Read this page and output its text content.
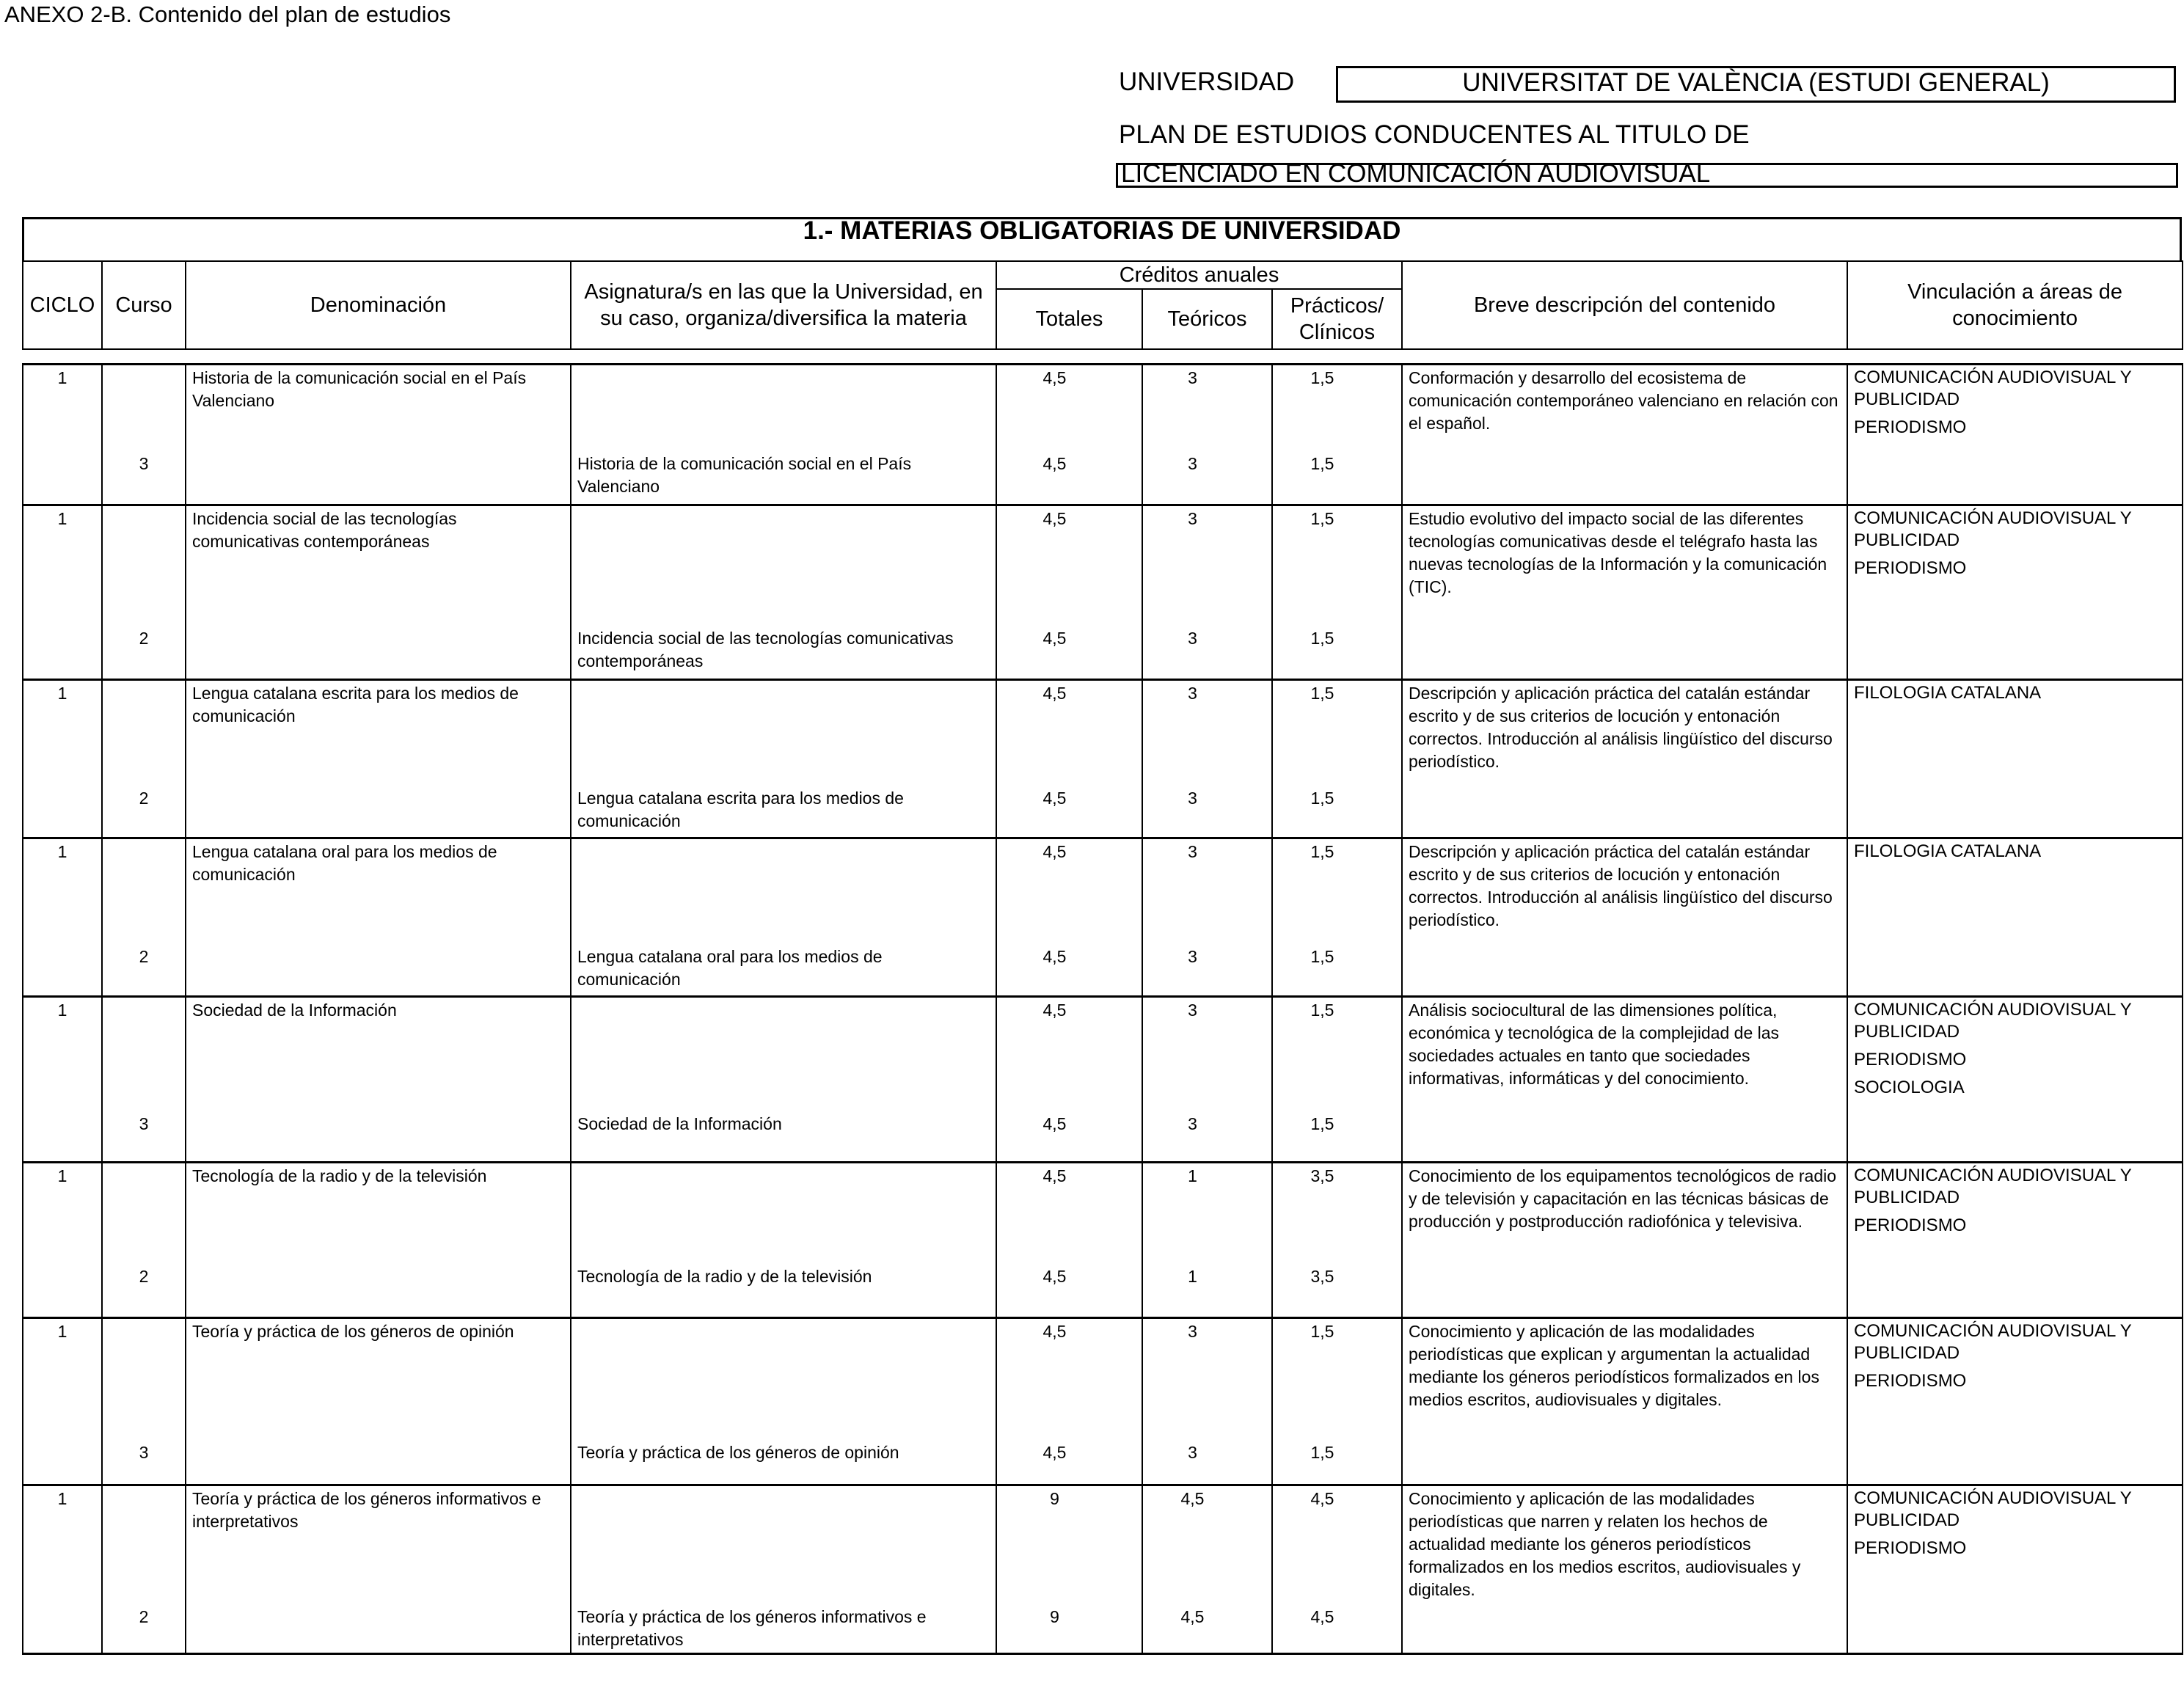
ANEXO 2-B. Contenido del plan de estudios
UNIVERSIDAD	UNIVERSITAT DE VALÈNCIA (ESTUDI GENERAL)
PLAN DE ESTUDIOS CONDUCENTES AL TITULO DE
LICENCIADO EN COMUNICACIÓN AUDIOVISUAL
1.- MATERIAS OBLIGATORIAS DE UNIVERSIDAD
CICLO	Curso	Denominación	Asignatura/s en las que la Universidad, en su caso, organiza/diversifica la materia	Créditos anuales			Breve descripción del contenido	Vinculación a áreas de conocimiento
				Totales	Teóricos	Prácticos/ Clínicos		
1		Historia de la comunicación social en el País Valenciano		4,5	3	1,5	Conformación y desarrollo del ecosistema de comunicación contemporáneo valenciano en relación con el español.	COMUNICACIÓN AUDIOVISUAL Y PUBLICIDAD
PERIODISMO

	3		Historia de la comunicación social en el País Valenciano	4,5	3	1,5		
1		Incidencia social de las tecnologías comunicativas contemporáneas		4,5	3	1,5	Estudio evolutivo del impacto social de las diferentes tecnologías comunicativas desde el telégrafo hasta las nuevas tecnologías de la Información y la comunicación (TIC).	COMUNICACIÓN AUDIOVISUAL Y PUBLICIDAD
PERIODISMO

	2		Incidencia social de las tecnologías comunicativas contemporáneas	4,5	3	1,5		
1		Lengua catalana escrita para los medios de comunicación		4,5	3	1,5	Descripción y aplicación práctica del catalán estándar escrito y de sus criterios de locución y entonación correctos. Introducción al análisis lingüístico del discurso periodístico.	FILOLOGIA CATALANA

	2		Lengua catalana escrita para los medios de comunicación	4,5	3	1,5		
1		Lengua catalana oral para los medios de comunicación		4,5	3	1,5	Descripción y aplicación práctica del catalán estándar escrito y de sus criterios de locución y entonación correctos. Introducción al análisis lingüístico del discurso periodístico.	FILOLOGIA CATALANA

	2		Lengua catalana oral para los medios de comunicación	4,5	3	1,5		
1		Sociedad de la Información		4,5	3	1,5	Análisis sociocultural de las dimensiones política, económica y tecnológica de la complejidad de las sociedades actuales en tanto que sociedades informativas, informáticas y del conocimiento.	COMUNICACIÓN AUDIOVISUAL Y PUBLICIDAD
PERIODISMO
SOCIOLOGIA

	3		Sociedad de la Información	4,5	3	1,5		
1		Tecnología de la radio y de la televisión		4,5	1	3,5	Conocimiento de los equipamentos tecnológicos de radio y de televisión y capacitación en las técnicas básicas de producción y postproducción radiofónica y televisiva.	COMUNICACIÓN AUDIOVISUAL Y PUBLICIDAD
PERIODISMO

	2		Tecnología de la radio y de la televisión	4,5	1	3,5		
1		Teoría y práctica de los géneros de opinión		4,5	3	1,5	Conocimiento y aplicación de las modalidades periodísticas que explican y argumentan la actualidad mediante los géneros periodísticos formalizados en los medios escritos, audiovisuales y digitales.	COMUNICACIÓN AUDIOVISUAL Y PUBLICIDAD
PERIODISMO

	3		Teoría y práctica de los géneros de opinión	4,5	3	1,5		
1		Teoría y práctica de los géneros informativos e interpretativos		9	4,5	4,5	Conocimiento y aplicación de las modalidades periodísticas que narren y relaten los hechos de actualidad mediante los géneros periodísticos formalizados en los medios escritos, audiovisuales y digitales.	COMUNICACIÓN AUDIOVISUAL Y PUBLICIDAD
PERIODISMO

	2		Teoría y práctica de los géneros informativos e interpretativos	9	4,5	4,5		
